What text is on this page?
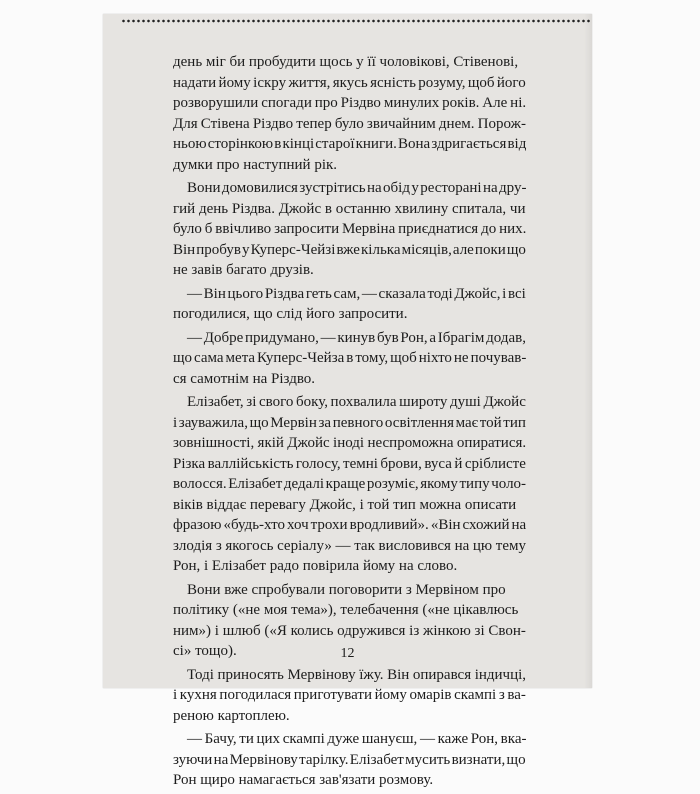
день міг би пробудити щось у її чоловікові, Стівенові,
надати йому іскру життя, якусь ясність розуму, щоб його
розворушили спогади про Різдво минулих років. Але ні.
Для Стівена Різдво тепер було звичайним днем. Порож-
ньою сторінкою в кінці старої книги. Вона здригається від
думки про наступний рік.

Вони домовилися зустрітись на обід у ресторані на дру-
гий день Різдва. Джойс в останню хвилину спитала, чи
було б ввічливо запросити Мервіна приєднатися до них.
Він пробув у Куперс-Чейзі вже кілька місяців, але поки що
не завів багато друзів.

— Він цього Різдва геть сам, — сказала тоді Джойс, і всі
погодилися, що слід його запросити.

— Добре придумано, — кинув був Рон, а Ібрагім додав,
що сама мета Куперс-Чейза в тому, щоб ніхто не почував-
ся самотнім на Різдво.

Елізабет, зі свого боку, похвалила широту душі Джойс
і зауважила, що Мервін за певного освітлення має той тип
зовнішності, якій Джойс іноді неспроможна опиратися.
Різка валлійськість голосу, темні брови, вуса й сріблисте
волосся. Елізабет дедалі краще розуміє, якому типу чоло-
віків віддає перевагу Джойс, і той тип можна описати
фразою «будь-хто хоч трохи вродливий». «Він схожий на
злодія з якогось серіалу» — так висловився на цю тему
Рон, і Елізабет радо повірила йому на слово.

Вони вже спробували поговорити з Мервіном про
політику («не моя тема»), телебачення («не цікавлюсь
ним») і шлюб («Я колись одружився із жінкою зі Свон-
сі» тощо).

Тоді приносять Мервінову їжу. Він опирався індичці,
і кухня погодилася приготувати йому омарів скампі з ва-
реною картоплею.

— Бачу, ти цих скампі дуже шануєш, — каже Рон, вка-
зуючи на Мервінову тарілку. Елізабет мусить визнати, що
Рон щиро намагається зав'язати розмову.

12
